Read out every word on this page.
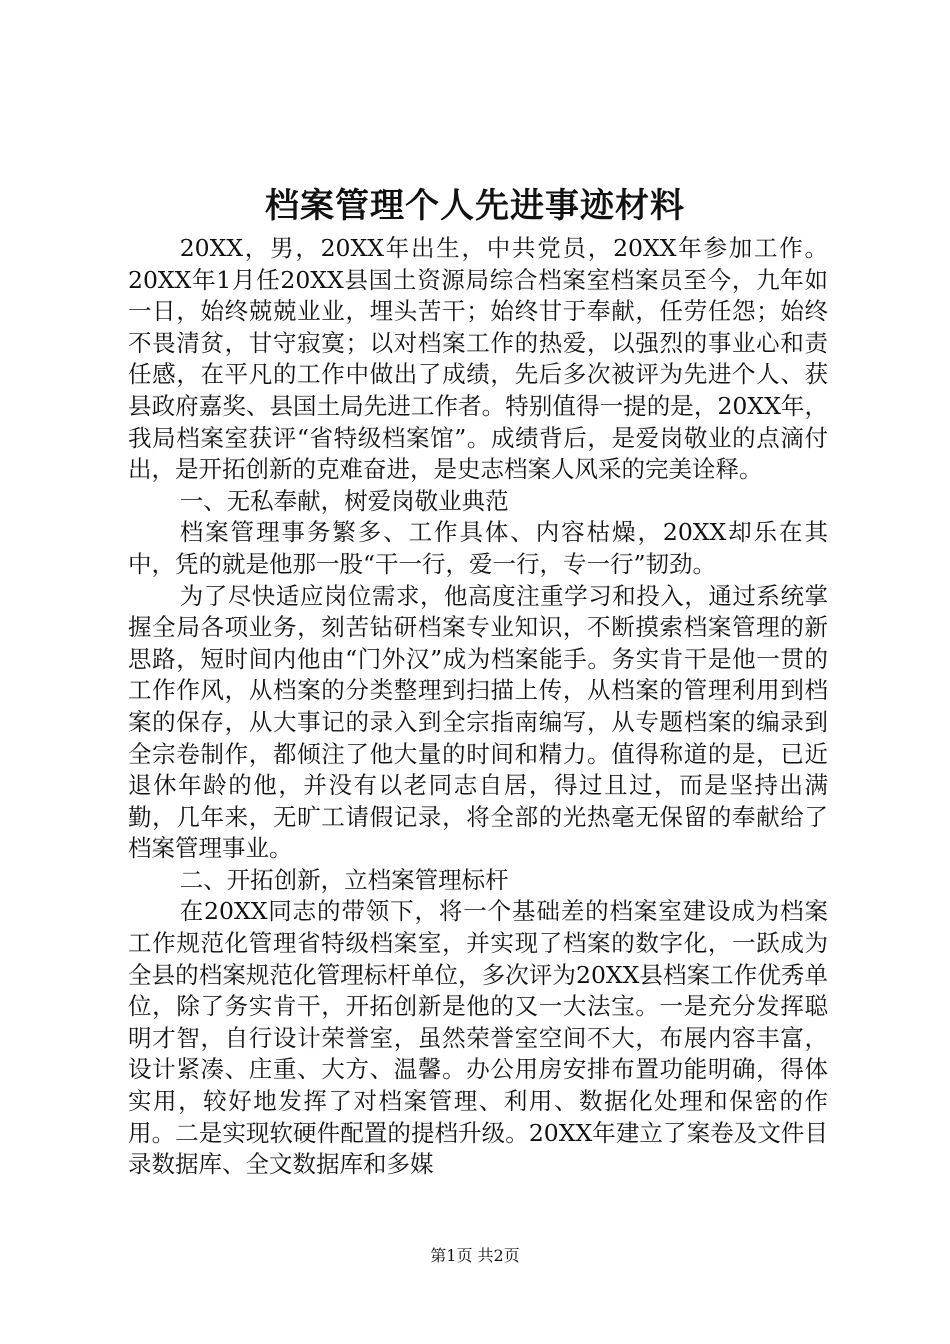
档案管理个人先进事迹材料

20XX，男，20XX年出生，中共党员，20XX年参加工作。20XX年1月任20XX县国土资源局综合档案室档案员至今，九年如一日，始终兢兢业业，埋头苦干；始终甘于奉献，任劳任怨；始终不畏清贫，甘守寂寞；以对档案工作的热爱，以强烈的事业心和责任感，在平凡的工作中做出了成绩，先后多次被评为先进个人、获县政府嘉奖、县国土局先进工作者。特别值得一提的是，20XX年，我局档案室获评“省特级档案馆”。成绩背后，是爱岗敬业的点滴付出，是开拓创新的克难奋进，是史志档案人风采的完美诠释。

一、无私奉献，树爱岗敬业典范

档案管理事务繁多、工作具体、内容枯燥，20XX却乐在其中，凭的就是他那一股“干一行，爱一行，专一行”韧劲。

为了尽快适应岗位需求，他高度注重学习和投入，通过系统掌握全局各项业务，刻苦钻研档案专业知识，不断摸索档案管理的新思路，短时间内他由“门外汉”成为档案能手。务实肯干是他一贯的工作作风，从档案的分类整理到扫描上传，从档案的管理利用到档案的保存，从大事记的录入到全宗指南编写，从专题档案的编录到全宗卷制作，都倾注了他大量的时间和精力。值得称道的是，已近退休年龄的他，并没有以老同志自居，得过且过，而是坚持出满勤，几年来，无旷工请假记录，将全部的光热毫无保留的奉献给了档案管理事业。

二、开拓创新，立档案管理标杆

在20XX同志的带领下，将一个基础差的档案室建设成为档案工作规范化管理省特级档案室，并实现了档案的数字化，一跃成为全县的档案规范化管理标杆单位，多次评为20XX县档案工作优秀单位，除了务实肯干，开拓创新是他的又一大法宝。一是充分发挥聪明才智，自行设计荣誉室，虽然荣誉室空间不大，布展内容丰富，设计紧凑、庄重、大方、温馨。办公用房安排布置功能明确，得体实用，较好地发挥了对档案管理、利用、数据化处理和保密的作用。二是实现软硬件配置的提档升级。20XX年建立了案卷及文件目录数据库、全文数据库和多媒

第1页 共2页
